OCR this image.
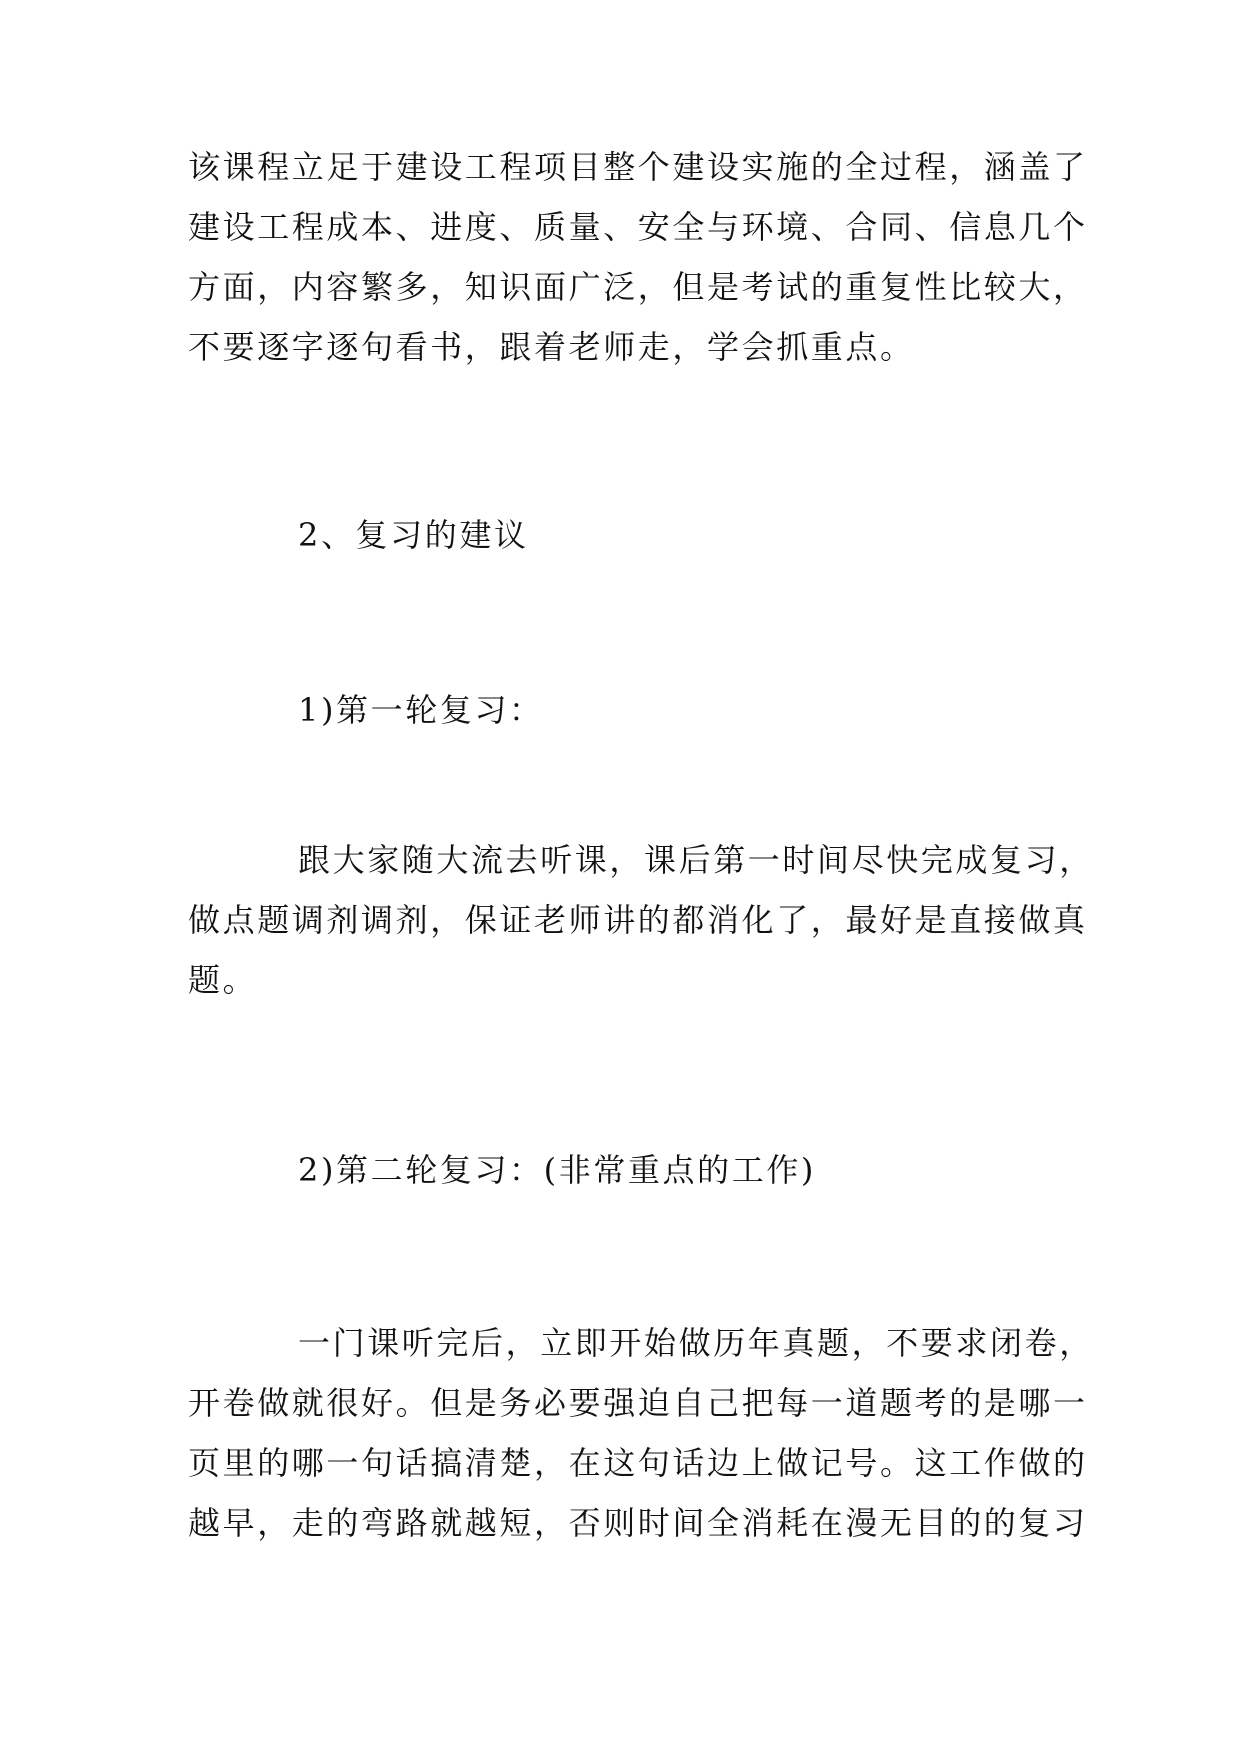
该课程立足于建设工程项目整个建设实施的全过程，涵盖了
建设工程成本、进度、质量、安全与环境、合同、信息几个
方面，内容繁多，知识面广泛，但是考试的重复性比较大，
不要逐字逐句看书，跟着老师走，学会抓重点。

2、复习的建议

1)第一轮复习：

跟大家随大流去听课，课后第一时间尽快完成复习，
做点题调剂调剂，保证老师讲的都消化了，最好是直接做真
题。

2)第二轮复习：(非常重点的工作)

一门课听完后，立即开始做历年真题，不要求闭卷，
开卷做就很好。但是务必要强迫自己把每一道题考的是哪一
页里的哪一句话搞清楚，在这句话边上做记号。这工作做的
越早，走的弯路就越短，否则时间全消耗在漫无目的的复习
